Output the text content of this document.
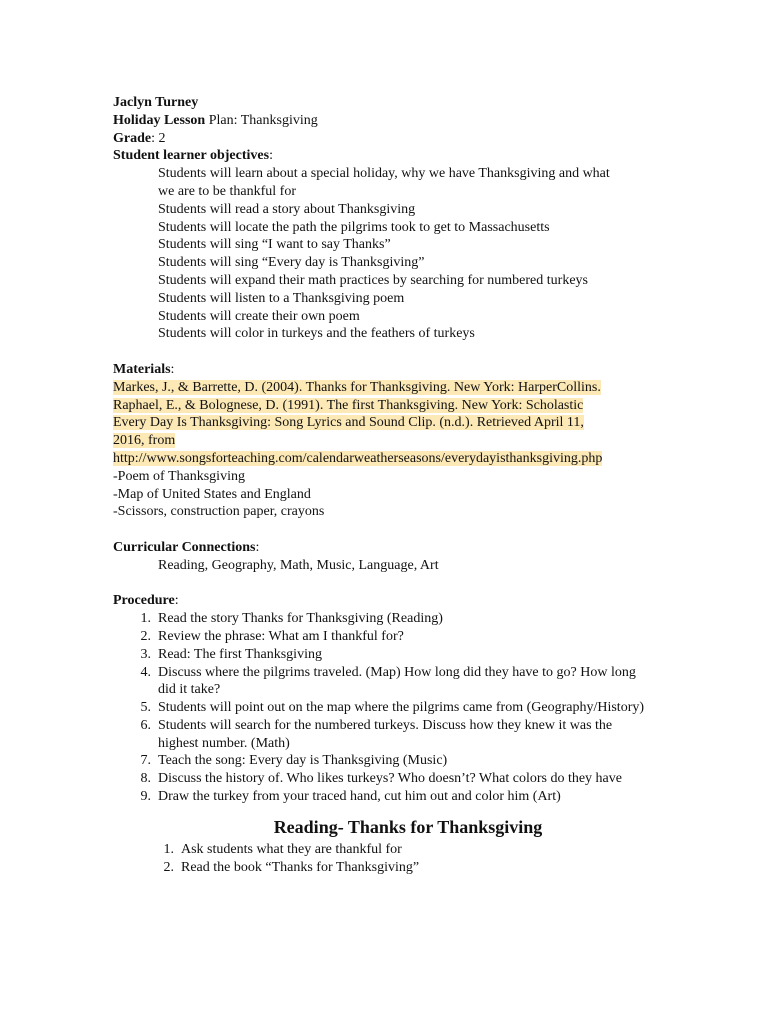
Jaclyn Turney
Holiday Lesson Plan: Thanksgiving
Grade: 2
Student learner objectives:
Students will learn about a special holiday, why we have Thanksgiving and what
we are to be thankful for
Students will read a story about Thanksgiving
Students will locate the path the pilgrims took to get to Massachusetts
Students will sing “I want to say Thanks”
Students will sing “Every day is Thanksgiving”
Students will expand their math practices by searching for numbered turkeys
Students will listen to a Thanksgiving poem
Students will create their own poem
Students will color in turkeys and the feathers of turkeys
Materials:
Markes, J., & Barrette, D. (2004). Thanks for Thanksgiving. New York: HarperCollins.
Raphael, E., & Bolognese, D. (1991). The first Thanksgiving. New York: Scholastic
Every Day Is Thanksgiving: Song Lyrics and Sound Clip. (n.d.). Retrieved April 11,
2016, from
http://www.songsforteaching.com/calendarweatherseasons/everydayisthanksgiving.php
-Poem of Thanksgiving
-Map of United States and England
-Scissors, construction paper, crayons
Curricular Connections:
Reading, Geography, Math, Music, Language, Art
Procedure:
1. Read the story Thanks for Thanksgiving (Reading)
2. Review the phrase: What am I thankful for?
3. Read: The first Thanksgiving
4. Discuss where the pilgrims traveled. (Map) How long did they have to go? How long did it take?
5. Students will point out on the map where the pilgrims came from (Geography/History)
6. Students will search for the numbered turkeys. Discuss how they knew it was the highest number. (Math)
7. Teach the song: Every day is Thanksgiving (Music)
8. Discuss the history of. Who likes turkeys? Who doesn’t? What colors do they have
9. Draw the turkey from your traced hand, cut him out and color him (Art)
Reading- Thanks for Thanksgiving
1. Ask students what they are thankful for
2. Read the book “Thanks for Thanksgiving”
